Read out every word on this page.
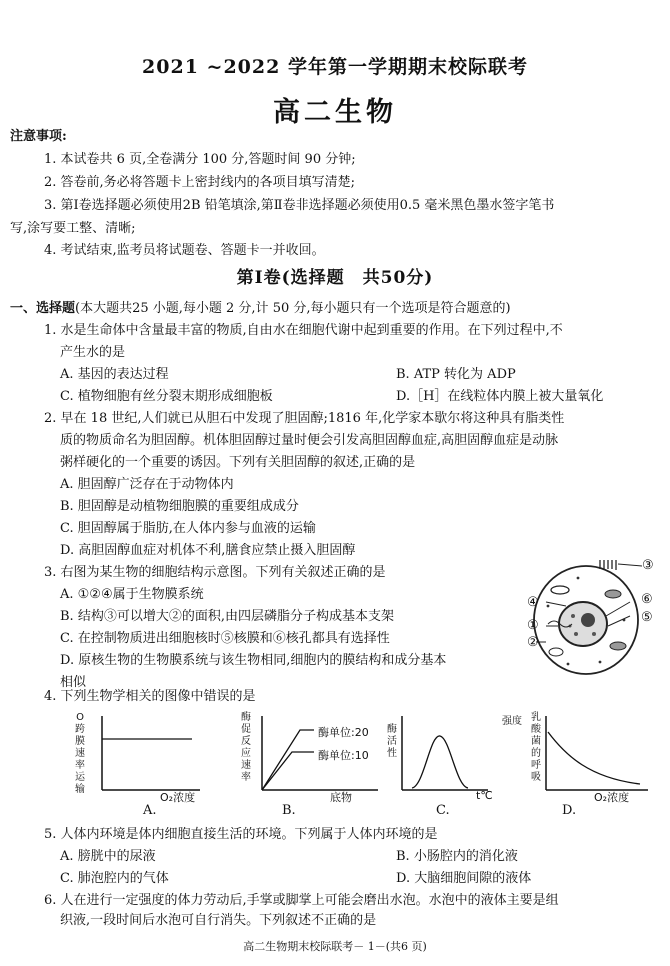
2021 ~2022 学年第一学期期末校际联考
高二生物
注意事项:
1. 本试卷共 6 页,全卷满分 100 分,答题时间 90 分钟;
2. 答卷前,务必将答题卡上密封线内的各项目填写清楚;
3. 第Ⅰ卷选择题必须使用2B 铅笔填涂,第Ⅱ卷非选择题必须使用0.5 毫米黑色墨水签字笔书
写,涂写要工整、清晰;
4. 考试结束,监考员将试题卷、答题卡一并收回。
第Ⅰ卷(选择题　共50分)
一、选择题(本大题共25 小题,每小题 2 分,计 50 分,每小题只有一个选项是符合题意的)
1. 水是生命体中含量最丰富的物质,自由水在细胞代谢中起到重要的作用。在下列过程中,不
产生水的是
A. 基因的表达过程	B. ATP 转化为 ADP
C. 植物细胞有丝分裂末期形成细胞板	D.［H］在线粒体内膜上被大量氧化
2. 早在 18 世纪,人们就已从胆石中发现了胆固醇;1816 年,化学家本歇尔将这种具有脂类性
质的物质命名为胆固醇。机体胆固醇过量时便会引发高胆固醇血症,高胆固醇血症是动脉
粥样硬化的一个重要的诱因。下列有关胆固醇的叙述,正确的是
A. 胆固醇广泛存在于动物体内
B. 胆固醇是动植物细胞膜的重要组成成分
C. 胆固醇属于脂肪,在人体内参与血液的运输
D. 高胆固醇血症对机体不利,膳食应禁止摄入胆固醇
3. 右图为某生物的细胞结构示意图。下列有关叙述正确的是
A. ①②④属于生物膜系统
B. 结构③可以增大②的面积,由四层磷脂分子构成基本支架
C. 在控制物质进出细胞核时⑤核膜和⑥核孔都具有选择性
D. 原核生物的生物膜系统与该生物相同,细胞内的膜结构和成分基本
相似
③
④	⑥
⑤
①
②
4. 下列生物学相关的图像中错误的是
O
跨
膜
速
率
运
输
O₂浓度
A.
酶促反应速率
酶单位:20
酶单位:10
底物
B.
酶活性
t℃
C.
强度 乳酸菌的呼吸
O₂浓度
D.
5. 人体内环境是体内细胞直接生活的环境。下列属于人体内环境的是
A. 膀胱中的尿液	B. 小肠腔内的消化液
C. 肺泡腔内的气体	D. 大脑细胞间隙的液体
6. 人在进行一定强度的体力劳动后,手掌或脚掌上可能会磨出水泡。水泡中的液体主要是组
织液,一段时间后水泡可自行消失。下列叙述不正确的是
高二生物期末校际联考－ 1－(共6 页)
